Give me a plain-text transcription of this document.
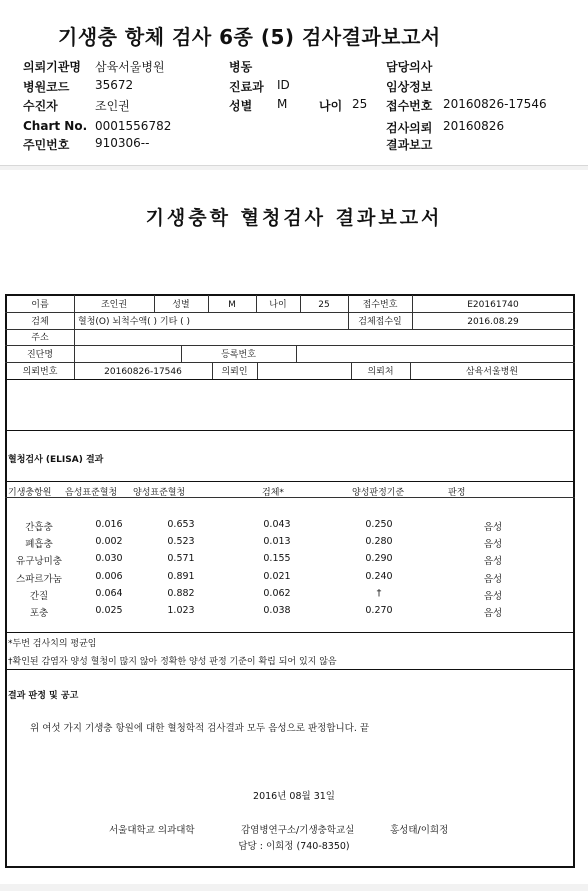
기생충 항체 검사 6종 (5) 검사결과보고서
의뢰기관명 삼육서울병원
병원코드 35672
수진자	조인권
Chart No. 0001556782
주민번호 910306--
병동
진료과 ID
성별 M	나이 25
담당의사
임상정보
접수번호 20160826-17546
검사의뢰 20160826
결과보고
기생충학 혈청검사 결과보고서
이름	조인권	성별	M	나이	25	접수번호	E20161740
검체	혈청(O) 뇌척수액( ) 기타 ( )	검체접수일	2016.08.29
주소
진단명	등록번호
의뢰번호	20160826-17546	의뢰인	의뢰처	삼육서울병원
혈청검사 (ELISA) 결과
기생충항원 음성표준혈청 양성표준혈청	검체*	양성판정기준	판정
간흡충	0.016	0.653	0.043	0.250	음성
폐흡충	0.002	0.523	0.013	0.280	음성
유구낭미충	0.030	0.571	0.155	0.290	음성
스파르가눔	0.006	0.891	0.021	0.240	음성
간질	0.064	0.882	0.062	†	음성
포충	0.025	1.023	0.038	0.270	음성
*두번 검사치의 평균임
†확인된 감염자 양성 혈청이 많지 않아 정확한 양성 판정 기준이 확립 되어 있지 않음
결과 판정 및 공고
위 여섯 가지 기생충 항원에 대한 혈청학적 검사결과 모두 음성으로 판정합니다. 끝
2016년 08월 31일
서울대학교 의과대학	감염병연구소/기생충학교실	홍성태/이희정
담당 : 이희정 (740-8350)
